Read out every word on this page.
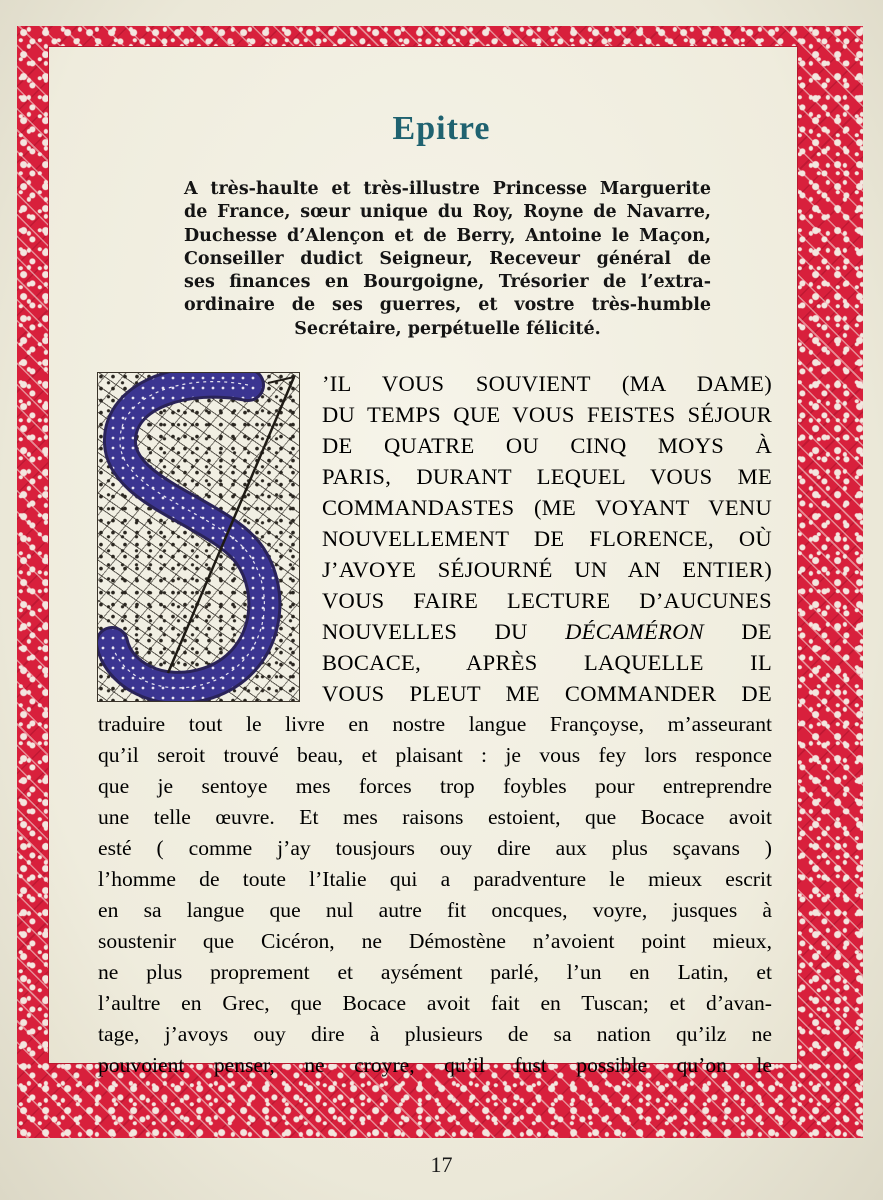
Epitre
A très-haulte et très-illustre Princesse Marguerite
de France, sœur unique du Roy, Royne de Navarre,
Duchesse d’Alençon et de Berry, Antoine le Maçon,
Conseiller dudict Seigneur, Receveur général de
ses finances en Bourgoigne, Trésorier de l’extra-
ordinaire de ses guerres, et vostre très-humble
Secrétaire, perpétuelle félicité.
’IL VOUS SOUVIENT (MA DAME)
DU TEMPS QUE VOUS FEISTES SÉJOUR
DE QUATRE OU CINQ MOYS À
PARIS, DURANT LEQUEL VOUS ME
COMMANDASTES (ME VOYANT VENU
NOUVELLEMENT DE FLORENCE, OÙ
J’AVOYE SÉJOURNÉ UN AN ENTIER)
VOUS FAIRE LECTURE D’AUCUNES
NOUVELLES DU DÉCAMÉRON DE
BOCACE, APRÈS LAQUELLE IL
VOUS PLEUT ME COMMANDER DE
traduire tout le livre en nostre langue Françoyse, m’asseurant
qu’il seroit trouvé beau, et plaisant : je vous fey lors responce
que je sentoye mes forces trop foybles pour entreprendre
une telle œuvre. Et mes raisons estoient, que Bocace avoit
esté ( comme j’ay tousjours ouy dire aux plus sçavans )
l’homme de toute l’Italie qui a paradventure le mieux escrit
en sa langue que nul autre fit oncques, voyre, jusques à
soustenir que Cicéron, ne Démostène n’avoient point mieux,
ne plus proprement et aysément parlé, l’un en Latin, et
l’aultre en Grec, que Bocace avoit fait en Tuscan; et d’avan-
tage, j’avoys ouy dire à plusieurs de sa nation qu’ilz ne
pouvoient penser, ne croyre, qu’il fust possible qu’on le
17
